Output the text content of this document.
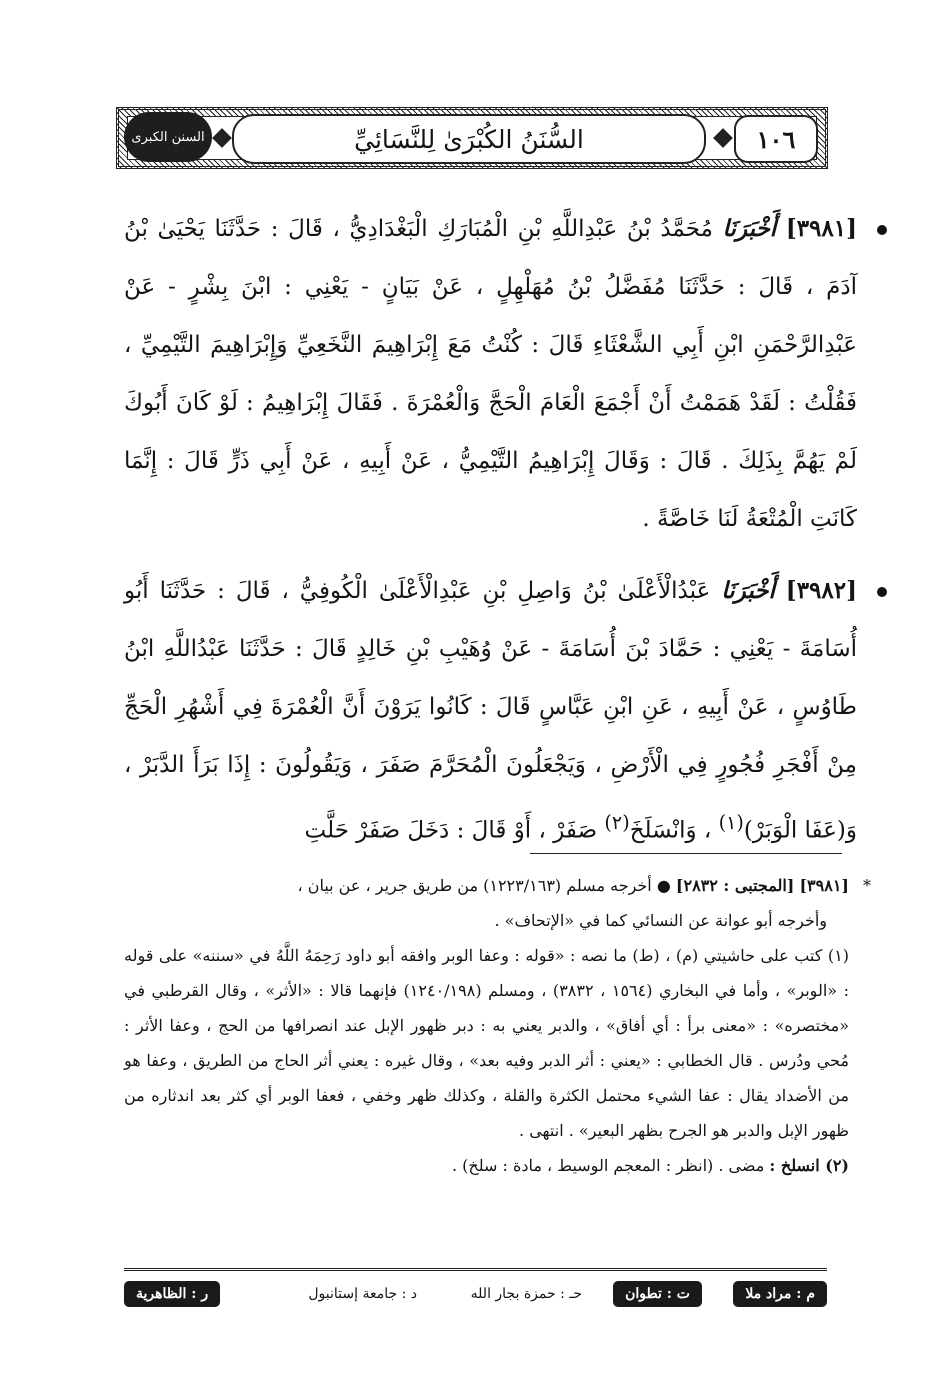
السنن الكبرى	السُّنَنُ الكُبْرَىٰ لِلنَّسَائِيِّ	١٠٦
[٣٩٨١] أَخْبَرَنَا مُحَمَّدُ بْنُ عَبْدِاللَّهِ بْنِ الْمُبَارَكِ الْبَغْدَادِيُّ ، قَالَ : حَدَّثَنَا يَحْيَىٰ بْنُ آدَمَ ، قَالَ : حَدَّثَنَا مُفَضَّلُ بْنُ مُهَلْهِلٍ ، عَنْ بَيَانٍ - يَعْنِي : ابْنَ بِشْرٍ - عَنْ عَبْدِالرَّحْمَنِ ابْنِ أَبِي الشَّعْثَاءِ قَالَ : كُنْتُ مَعَ إِبْرَاهِيمَ النَّخَعِيِّ وَإِبْرَاهِيمَ التَّيْمِيِّ ، فَقُلْتُ : لَقَدْ هَمَمْتُ أَنْ أَجْمَعَ الْعَامَ الْحَجَّ وَالْعُمْرَةَ . فَقَالَ إِبْرَاهِيمُ : لَوْ كَانَ أَبُوكَ لَمْ يَهُمَّ بِذَلِكَ . قَالَ : وَقَالَ إِبْرَاهِيمُ التَّيْمِيُّ ، عَنْ أَبِيهِ ، عَنْ أَبِي ذَرٍّ قَالَ : إِنَّمَا كَانَتِ الْمُتْعَةُ لَنَا خَاصَّةً .
[٣٩٨٢] أَخْبَرَنَا عَبْدُالْأَعْلَىٰ بْنُ وَاصِلِ بْنِ عَبْدِالْأَعْلَىٰ الْكُوفِيُّ ، قَالَ : حَدَّثَنَا أَبُو أُسَامَةَ - يَعْنِي : حَمَّادَ بْنَ أُسَامَةَ - عَنْ وُهَيْبِ بْنِ خَالِدٍ قَالَ : حَدَّثَنَا عَبْدُاللَّهِ ابْنُ طَاوُسٍ ، عَنْ أَبِيهِ ، عَنِ ابْنِ عَبَّاسٍ قَالَ : كَانُوا يَرَوْنَ أَنَّ الْعُمْرَةَ فِي أَشْهُرِ الْحَجِّ مِنْ أَفْجَرِ فُجُورٍ فِي الْأَرْضِ ، وَيَجْعَلُونَ الْمُحَرَّمَ صَفَرَ ، وَيَقُولُونَ : إِذَا بَرَأَ الدَّبَرْ ، وَ(عَفَا الْوَبَرْ)$^{(١)}$ ، وَانْسَلَخَ$^{(٢)}$ صَفَرْ ، أَوْ قَالَ : دَخَلَ صَفَرْ حَلَّتِ

*
[٣٩٨١] [المجتبى : ٢٨٣٢] ● أخرجه مسلم (١٢٢٣/١٦٣) من طريق جرير ، عن بيان ،

وأخرجه أبو عوانة عن النسائي كما في «الإتحاف» .

(١) كتب على حاشيتي (م) ، (ط) ما نصه : «قوله : وعفا الوبر وافقه أبو داود رَحِمَهُ اللَّهُ في «سننه» على قوله : «الوبر» ، وأما في البخاري (١٥٦٤ ، ٣٨٣٢) ، ومسلم (١٢٤٠/١٩٨) فإنهما قالا : «الأثر» ، وقال القرطبي في «مختصره» : «معنى برأ : أي أفاق» ، والدبر يعني به : دبر ظهور الإبل عند انصرافها من الحج ، وعفا الأثر : مُحي ودُرس . قال الخطابي : «يعني : أثر الدبر وفيه بعد» ، وقال غيره : يعني أثر الحاج من الطريق ، وعفا هو من الأضداد يقال : عفا الشيء محتمل الكثرة والقلة ، وكذلك ظهر وخفي ، فعفا الوبر أي كثر بعد اندثاره من ظهور الإبل والدبر هو الجرح بظهر البعير» . انتهى .

(٢) انسلخ : مضى . (انظر : المعجم الوسيط ، مادة : سلخ) .

م : مراد ملا
ت : تطوان
حـ : حمزة بجار الله
د : جامعة إستانبول
ر : الظاهرية
